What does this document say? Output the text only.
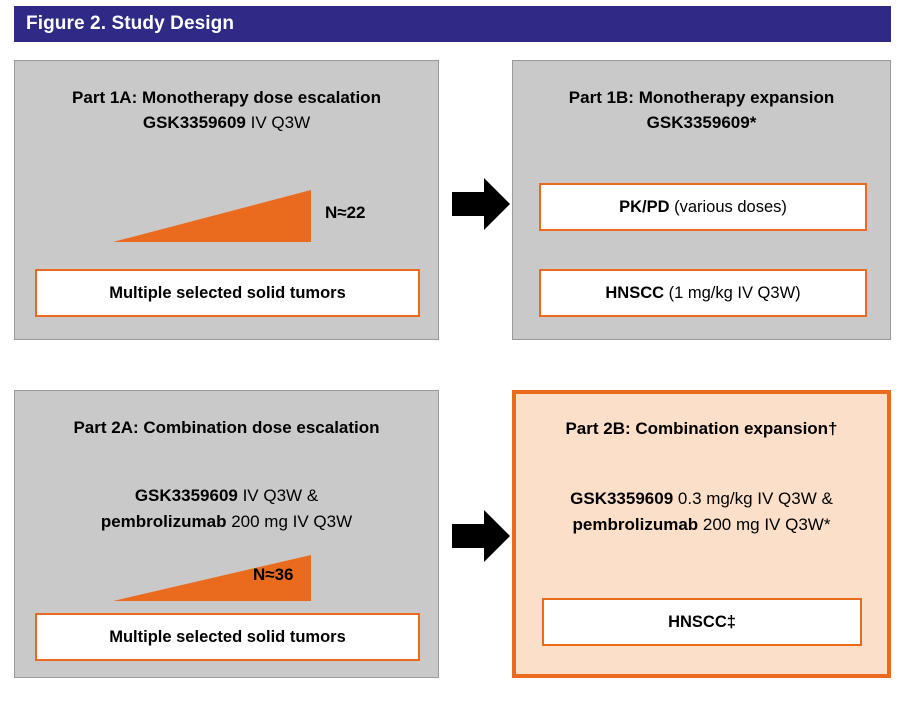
Figure 2. Study Design
Part 1A: Monotherapy dose escalation
GSK3359609 IV Q3W
N≈22
Multiple selected solid tumors
Part 1B: Monotherapy expansion
GSK3359609*
PK/PD (various doses)
HNSCC (1 mg/kg IV Q3W)
Part 2A: Combination dose escalation
GSK3359609 IV Q3W &
pembrolizumab 200 mg IV Q3W
N≈36
Multiple selected solid tumors
Part 2B: Combination expansion†
GSK3359609 0.3 mg/kg IV Q3W &
pembrolizumab 200 mg IV Q3W*
HNSCC‡
